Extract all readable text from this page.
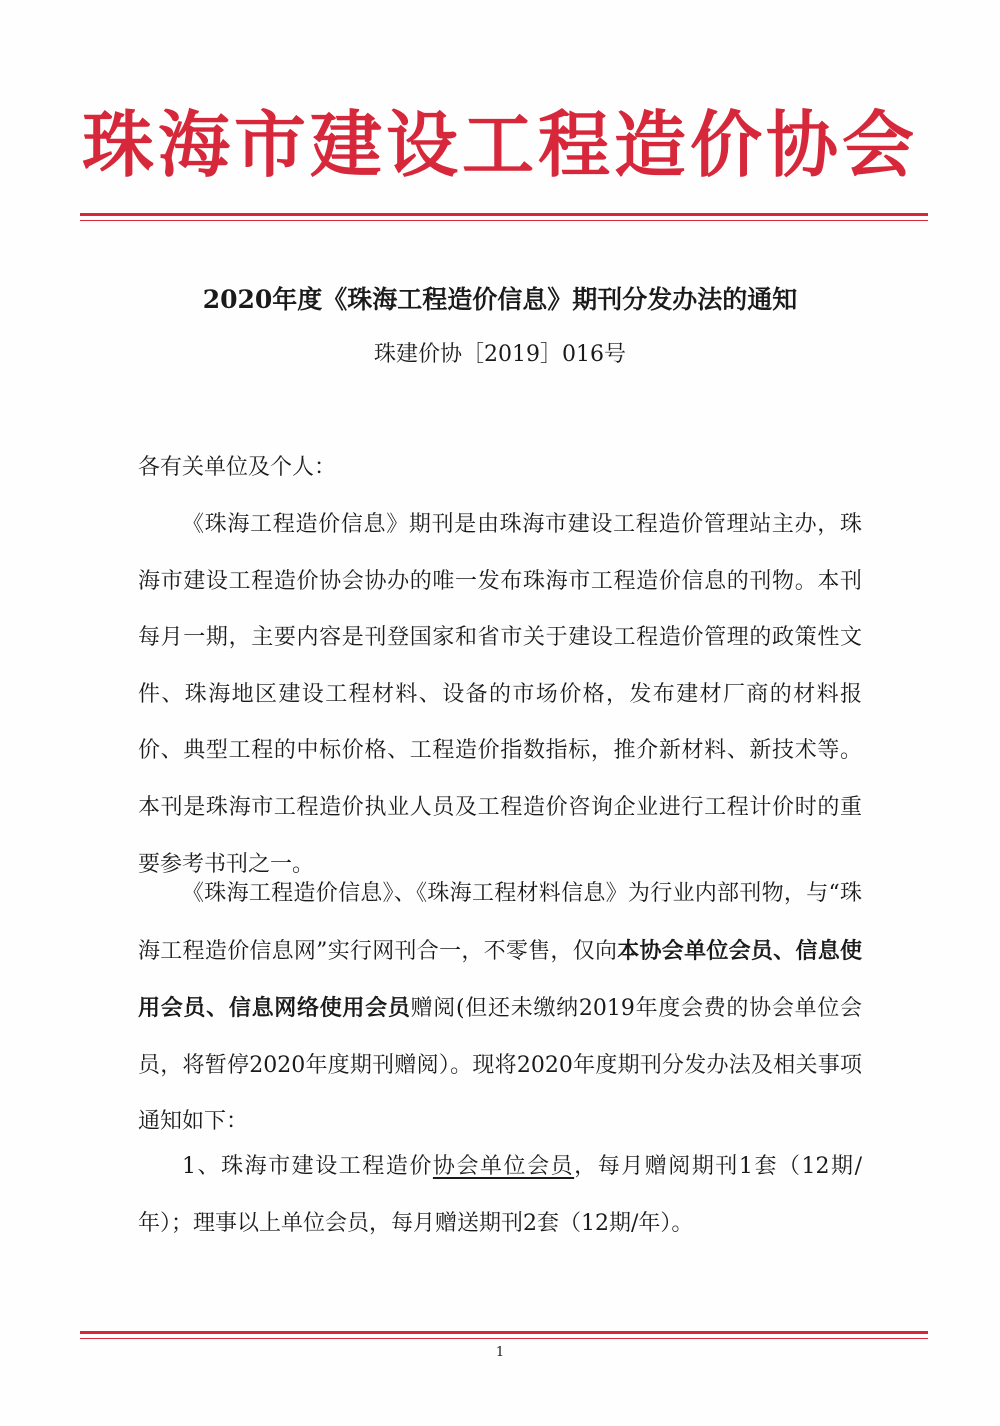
珠海市建设工程造价协会
2020年度《珠海工程造价信息》期刊分发办法的通知
珠建价协［2019］016号
各有关单位及个人：
《珠海工程造价信息》期刊是由珠海市建设工程造价管理站主办，珠海市建设工程造价协会协办的唯一发布珠海市工程造价信息的刊物。本刊每月一期，主要内容是刊登国家和省市关于建设工程造价管理的政策性文件、珠海地区建设工程材料、设备的市场价格，发布建材厂商的材料报价、典型工程的中标价格、工程造价指数指标，推介新材料、新技术等。本刊是珠海市工程造价执业人员及工程造价咨询企业进行工程计价时的重要参考书刊之一。
《珠海工程造价信息》、《珠海工程材料信息》为行业内部刊物，与“珠海工程造价信息网”实行网刊合一，不零售，仅向本协会单位会员、信息使用会员、信息网络使用会员赠阅(但还未缴纳2019年度会费的协会单位会员，将暂停2020年度期刊赠阅）。现将2020年度期刊分发办法及相关事项通知如下：
1、珠海市建设工程造价协会单位会员，每月赠阅期刊1套（12期/年）；理事以上单位会员，每月赠送期刊2套（12期/年）。
1
